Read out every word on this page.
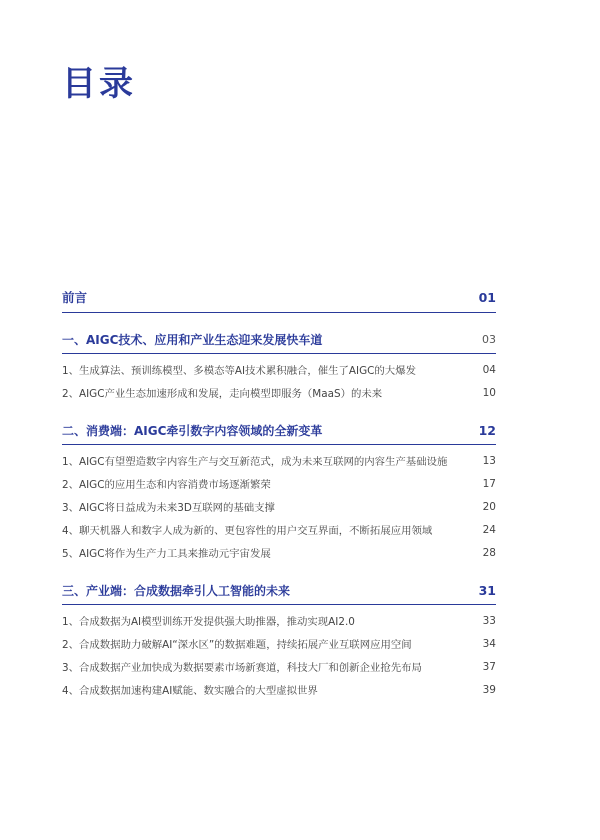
目录
前言	01
一、AIGC技术、应用和产业生态迎来发展快车道	03
1、生成算法、预训练模型、多模态等AI技术累积融合，催生了AIGC的大爆发	04
2、AIGC产业生态加速形成和发展，走向模型即服务（MaaS）的未来	10
二、消费端：AIGC牵引数字内容领域的全新变革	12
1、AIGC有望塑造数字内容生产与交互新范式，成为未来互联网的内容生产基础设施	13
2、AIGC的应用生态和内容消费市场逐渐繁荣	17
3、AIGC将日益成为未来3D互联网的基础支撑	20
4、聊天机器人和数字人成为新的、更包容性的用户交互界面，不断拓展应用领域	24
5、AIGC将作为生产力工具来推动元宇宙发展	28
三、产业端：合成数据牵引人工智能的未来	31
1、合成数据为AI模型训练开发提供强大助推器，推动实现AI2.0	33
2、合成数据助力破解AI“深水区”的数据难题，持续拓展产业互联网应用空间	34
3、合成数据产业加快成为数据要素市场新赛道，科技大厂和创新企业抢先布局	37
4、合成数据加速构建AI赋能、数实融合的大型虚拟世界	39
